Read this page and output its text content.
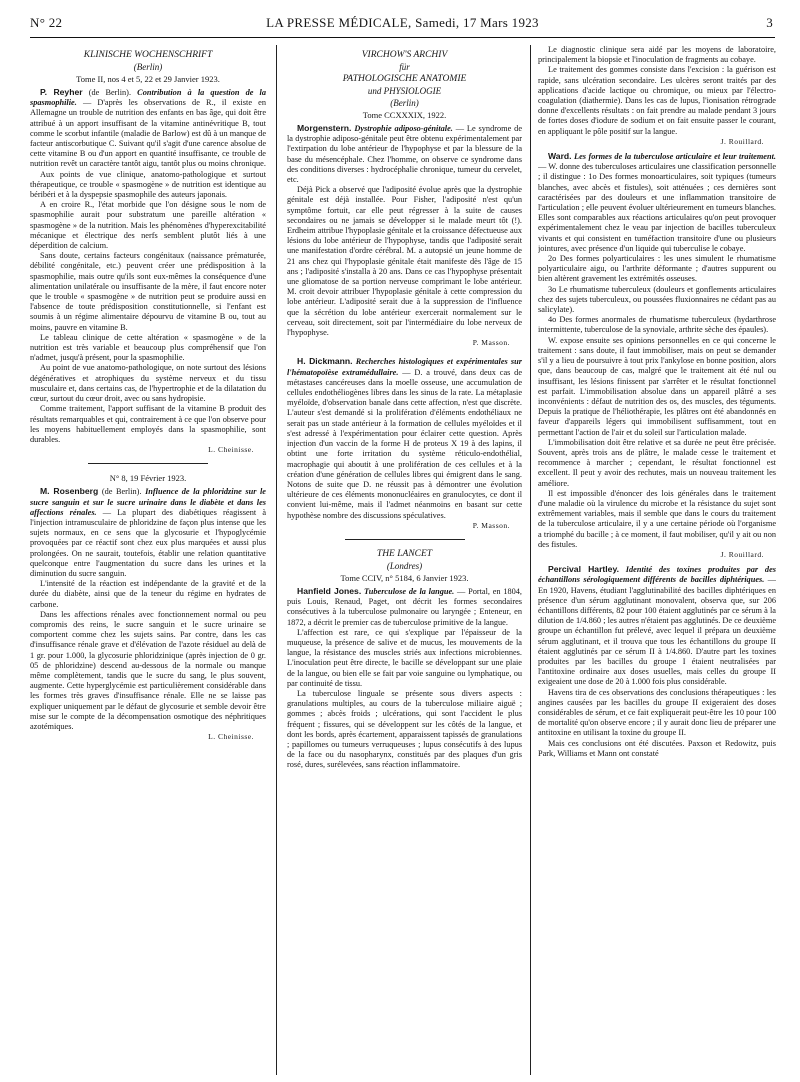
N° 22	LA PRESSE MÉDICALE, Samedi, 17 Mars 1923	3
KLINISCHE WOCHENSCHRIFT
(Berlin)
Tome II, nos 4 et 5, 22 et 29 Janvier 1923.

P. Reyher (de Berlin). Contribution à la question de la spasmophilie. — D'après les observations de R., il existe en Allemagne un trouble de nutrition des enfants en bas âge, qui doit être attribué à un apport insuffisant de la vitamine antinévritique B, tout comme le scorbut infantile (maladie de Barlow) est dû à un manque de facteur antiscorbutique C. Suivant qu'il s'agit d'une carence absolue de cette vitamine B ou d'un apport en quantité insuffisante, ce trouble de nutrition revêt un caractère tantôt aigu, tantôt plus ou moins chronique.

Aux points de vue clinique, anatomo-pathologique et surtout thérapeutique, ce trouble « spasmogène » de nutrition est identique au béribéri et à la dyspepsie spasmophile des auteurs japonais.

A en croire R., l'état morbide que l'on désigne sous le nom de spasmophilie aurait pour substratum une pareille altération « spasmogène » de la nutrition. Mais les phénomènes d'hyperexcitabilité mécanique et électrique des nerfs semblent plutôt liés à une déperdition de calcium.

Sans doute, certains facteurs congénitaux (naissance prématurée, débilité congénitale, etc.) peuvent créer une prédisposition à la spasmophilie, mais outre qu'ils sont eux-mêmes la conséquence d'une alimentation unilatérale ou insuffisante de la mère, il faut encore noter que le trouble « spasmogène » de nutrition peut se produire aussi en l'absence de toute prédisposition constitutionnelle, si l'enfant est soumis à un régime alimentaire dépourvu de vitamine B ou, tout au moins, pauvre en vitamine B.

Le tableau clinique de cette altération « spasmogène » de la nutrition est très variable et beaucoup plus compréhensif que l'on n'admet, jusqu'à présent, pour la spasmophilie.

Au point de vue anatomo-pathologique, on note surtout des lésions dégénératives et atrophiques du système nerveux et du tissu musculaire et, dans certains cas, de l'hypertrophie et de la dilatation du cœur, surtout du cœur droit, avec ou sans hydropisie.

Comme traitement, l'apport suffisant de la vitamine B produit des résultats remarquables et qui, contrairement à ce que l'on observe pour les moyens habituellement employés dans la spasmophilie, sont durables.

L. Cheinisse.
N° 8, 19 Février 1923.

M. Rosenberg (de Berlin). Influence de la phloridzine sur le sucre sanguin et sur le sucre urinaire dans le diabète et dans les affections rénales. — La plupart des diabétiques réagissent à l'injection intramusculaire de phloridzine de façon plus intense que les sujets normaux, en ce sens que la glycosurie et l'hypoglycémie provoquées par ce réactif sont chez eux plus marquées et aussi plus prolongées. On ne saurait, toutefois, établir une relation quantitative quelconque entre l'augmentation du sucre dans les urines et la diminution du sucre sanguin.

L'intensité de la réaction est indépendante de la gravité et de la durée du diabète, ainsi que de la teneur du régime en hydrates de carbone.

Dans les affections rénales avec fonctionnement normal ou peu compromis des reins, le sucre sanguin et le sucre urinaire se comportent comme chez les sujets sains. Par contre, dans les cas d'insuffisance rénale grave et d'élévation de l'azote résiduel au delà de 1 gr. pour 1.000, la glycosurie phloridzinique (après injection de 0 gr. 05 de phloridzine) descend au-dessous de la normale ou manque même complètement, tandis que le sucre du sang, le plus souvent, augmente. Cette hyperglycémie est particulièrement considérable dans les formes très graves d'insuffisance rénale. Elle ne se laisse pas expliquer uniquement par le défaut de glycosurie et semble devoir être mise sur le compte de la décompensation osmotique des néphritiques azotémiques.

L. Cheinisse.
VIRCHOW'S ARCHIV
für
PATHOLOGISCHE ANATOMIE
und PHYSIOLOGIE
(Berlin)
Tome CCXXXIX, 1922.

Morgenstern. Dystrophie adiposo-génitale. — Le syndrome de la dystrophie adiposo-génitale peut être obtenu expérimentalement par l'extirpation du lobe antérieur de l'hypophyse et par la blessure de la base du mésencéphale. Chez l'homme, on observe ce syndrome dans des conditions diverses : hydrocéphalie chronique, tumeur du cervelet, etc.

Déjà Pick a observé que l'adiposité évolue après que la dystrophie génitale est déjà installée. Pour Fisher, l'adiposité n'est qu'un symptôme fortuit, car elle peut régresser à la suite de causes secondaires ou ne jamais se développer si le malade meurt tôt (!). Erdheim attribue l'hypoplasie génitale et la croissance défectueuse aux lésions du lobe antérieur de l'hypophyse, tandis que l'adiposité serait une manifestation d'ordre cérébral. M. a autopsié un jeune homme de 21 ans chez qui l'hypoplasie génitale était manifeste dès l'âge de 15 ans ; l'adiposité s'installa à 20 ans. Dans ce cas l'hypophyse présentait une gliomatose de sa portion nerveuse comprimant le lobe antérieur. M. croit devoir attribuer l'hypoplasie génitale à cette compression du lobe antérieur. L'adiposité serait due à la suppression de l'influence que la sécrétion du lobe antérieur exercerait normalement sur le cerveau, soit directement, soit par l'intermédiaire du lobe nerveux de l'hypophyse.

P. Masson.

H. Dickmann. Recherches histologiques et expérimentales sur l'hématopoïèse extramédullaire. — D. a trouvé, dans deux cas de métastases cancéreuses dans la moelle osseuse, une accumulation de cellules endothéliogènes libres dans les sinus de la rate. La métaplasie myéloïde, d'observation banale dans cette affection, n'est que discrète. L'auteur s'est demandé si la prolifération d'éléments endothéliaux ne serait pas un stade antérieur à la formation de cellules myéloïdes et il s'est adressé à l'expérimentation pour éclairer cette question. Après injection d'un vaccin de la forme H de proteus X 19 à des lapins, il obtint une forte irritation du système réticulo-endothélial, macrophagie qui aboutit à une prolifération de ces cellules et à la création d'une génération de cellules libres qui émigrent dans le sang. Notons de suite que D. ne réussit pas à démontrer une évolution ultérieure de ces éléments mononucléaires en granulocytes, ce dont il convient lui-même, mais il l'admet néanmoins en basant sur cette hypothèse nombre des discussions spéculatives.

P. Masson.
THE LANCET
(Londres)
Tome CCIV, n° 5184, 6 Janvier 1923.

Hanfield Jones. Tuberculose de la langue. — Portal, en 1804, puis Louis, Renaud, Paget, ont décrit les formes secondaires consécutives à la tuberculose pulmonaire ou laryngée ; Enteneur, en 1872, a décrit le premier cas de tuberculose primitive de la langue.

L'affection est rare, ce qui s'explique par l'épaisseur de la muqueuse, la présence de salive et de mucus, les mouvements de la langue, la résistance des muscles striés aux infections microbiennes. L'inoculation peut être directe, le bacille se développant sur une plaie de la langue, ou bien elle se fait par voie sanguine ou lymphatique, ou par continuité de tissu.

La tuberculose linguale se présente sous divers aspects : granulations multiples, au cours de la tuberculose miliaire aiguë ; gommes ; abcès froids ; ulcérations, qui sont l'accident le plus fréquent ; fissures, qui se développent sur les côtés de la langue, et dont les bords, après écartement, apparaissent tapissés de granulations ; papillomes ou tumeurs verruqueuses ; lupus consécutifs à des lupus de la face ou du nasopharynx, constitués par des plaques d'un gris rosé, dures, surélevées, sans réaction inflammatoire.

Le diagnostic clinique sera aidé par les moyens de laboratoire, principalement la biopsie et l'inoculation de fragments au cobaye.

Le traitement des gommes consiste dans l'excision : la guérison est rapide, sans ulcération secondaire. Les ulcères seront traités par des applications d'acide lactique ou chromique, ou mieux par l'électro-coagulation (diathermie). Dans les cas de lupus, l'ionisation rétrograde donne d'excellents résultats : on fait prendre au malade pendant 3 jours de fortes doses d'iodure de sodium et on fait ensuite passer le courant, en appliquant le pôle positif sur la langue.

J. Rouillard.

Ward. Les formes de la tuberculose articulaire et leur traitement. — W. donne des tuberculoses articulaires une classification personnelle ; il distingue : 1o Des formes monoarticulaires, soit typiques (tumeurs blanches, avec abcès et fistules), soit atténuées ; ces dernières sont caractérisées par des douleurs et une inflammation transitoire de l'articulation ; elle peuvent évoluer ultérieurement en tumeurs blanches. Elles sont comparables aux réactions articulaires qu'on peut provoquer expérimentalement chez le veau par injection de bacilles tuberculeux vivants et qui consistent en tuméfaction transitoire d'une ou plusieurs jointures, avec présence d'un liquide qui tuberculise le cobaye.

2o Des formes polyarticulaires : les unes simulent le rhumatisme polyarticulaire aigu, ou l'arthrite déformante ; d'autres suppurent ou bien altèrent gravement les extrémités osseuses.

3o Le rhumatisme tuberculeux (douleurs et gonflements articulaires chez des sujets tuberculeux, ou poussées fluxionnaires ne cédant pas au salicylate).

4o Des formes anormales de rhumatisme tuberculeux (hydarthrose intermittente, tuberculose de la synoviale, arthrite sèche des épaules).

W. expose ensuite ses opinions personnelles en ce qui concerne le traitement : sans doute, il faut immobiliser, mais on peut se demander s'il y a lieu de poursuivre à tout prix l'ankylose en bonne position, alors que, dans beaucoup de cas, malgré que le traitement ait été nul ou insuffisant, les lésions finissent par s'arrêter et le résultat fonctionnel est parfait. L'immobilisation absolue dans un appareil plâtré a ses inconvénients : défaut de nutrition des os, des muscles, des téguments. Depuis la pratique de l'héliothérapie, les plâtres ont été abandonnés en faveur d'appareils légers qui immobilisent suffisamment, tout en permettant l'action de l'air et du soleil sur l'articulation malade.

L'immobilisation doit être relative et sa durée ne peut être précisée. Souvent, après trois ans de plâtre, le malade cesse le traitement et recommence à marcher ; cependant, le résultat fonctionnel est excellent. Il peut y avoir des rechutes, mais un nouveau traitement les améliore.

Il est impossible d'énoncer des lois générales dans le traitement d'une maladie où la virulence du microbe et la résistance du sujet sont extrêmement variables, mais il semble que dans le cours du traitement de la tuberculose articulaire, il y a une certaine période où l'organisme a triomphé du bacille ; à ce moment, il faut mobiliser, qu'il y ait ou non des fistules.

J. Rouillard.

Percival Hartley. Identité des toxines produites par des échantillons sérologiquement différents de bacilles diphtériques. — En 1920, Havens, étudiant l'agglutinabilité des bacilles diphtériques en présence d'un sérum agglutinant monovalent, observa que, sur 206 échantillons différents, 82 pour 100 étaient agglutinés par ce sérum à la dilution de 1/4.860 ; les autres n'étaient pas agglutinés. De ce deuxième groupe un échantillon fut prélevé, avec lequel il prépara un deuxième sérum agglutinant, et il trouva que tous les échantillons du groupe II étaient agglutinés par ce sérum II à 1/4.860. D'autre part les toxines produites par les bacilles du groupe I étaient neutralisées par l'antitoxine ordinaire aux doses usuelles, mais celles du groupe II exigeaient une dose de 20 à 1.000 fois plus considérable.

Havens tira de ces observations des conclusions thérapeutiques : les angines causées par les bacilles du groupe II exigeraient des doses considérables de sérum, et ce fait expliquerait peut-être les 10 pour 100 de mortalité qu'on observe encore ; il y aurait donc lieu de préparer une antitoxine en utilisant la toxine du groupe II.

Mais ces conclusions ont été discutées. Paxson et Redowitz, puis Park, Williams et Mann ont constaté
